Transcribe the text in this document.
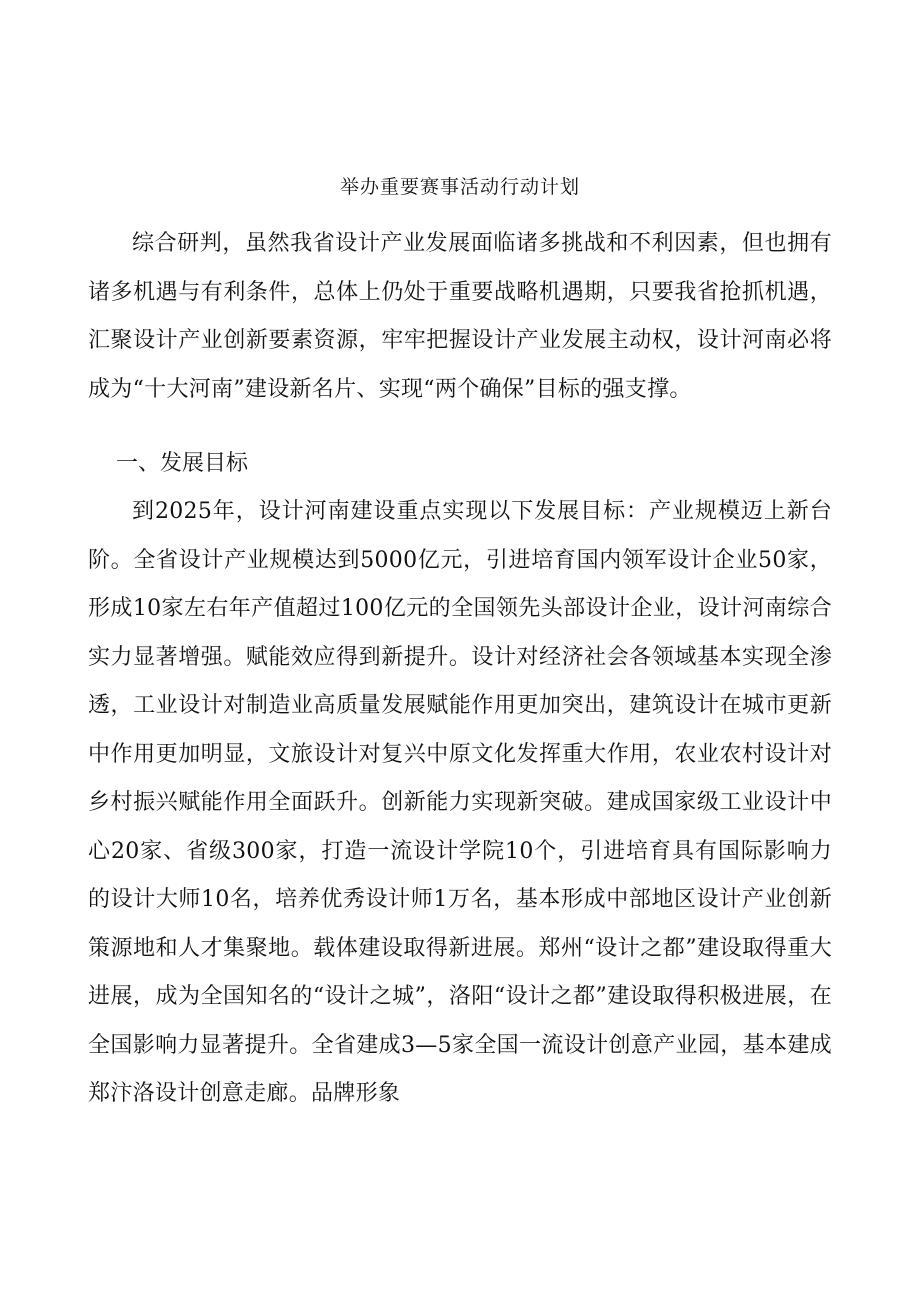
举办重要赛事活动行动计划

综合研判，虽然我省设计产业发展面临诸多挑战和不利因素，但也拥有诸多机遇与有利条件，总体上仍处于重要战略机遇期，只要我省抢抓机遇，汇聚设计产业创新要素资源，牢牢把握设计产业发展主动权，设计河南必将成为“十大河南”建设新名片、实现“两个确保”目标的强支撑。

一、发展目标

到2025年，设计河南建设重点实现以下发展目标：产业规模迈上新台阶。全省设计产业规模达到5000亿元，引进培育国内领军设计企业50家，形成10家左右年产值超过100亿元的全国领先头部设计企业，设计河南综合实力显著增强。赋能效应得到新提升。设计对经济社会各领域基本实现全渗透，工业设计对制造业高质量发展赋能作用更加突出，建筑设计在城市更新中作用更加明显，文旅设计对复兴中原文化发挥重大作用，农业农村设计对乡村振兴赋能作用全面跃升。创新能力实现新突破。建成国家级工业设计中心20家、省级300家，打造一流设计学院10个，引进培育具有国际影响力的设计大师10名，培养优秀设计师1万名，基本形成中部地区设计产业创新策源地和人才集聚地。载体建设取得新进展。郑州“设计之都”建设取得重大进展，成为全国知名的“设计之城”，洛阳“设计之都”建设取得积极进展，在全国影响力显著提升。全省建成3—5家全国一流设计创意产业园，基本建成郑汴洛设计创意走廊。品牌形象
